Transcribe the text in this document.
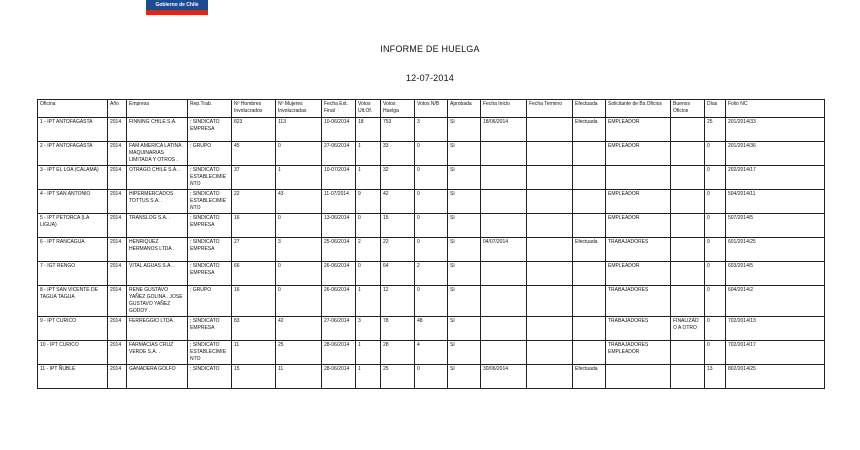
Gobierno de Chile
INFORME DE HUELGA
12-07-2014
Oficina	Año	Empresa	Rep.Trab.	Nº Hombres Involucrados	Nº Mujeres Involucradas	Fecha Ext. Final	Votos Ult.Of.	Votos Huelga	Votos N/B	Aprobada	Fecha Inicio	Fecha Termino	Efectuada	Solicitante de Bs.Oficios	Buenos Oficios	Días	Folio NC
1 - IPT ANTOFAGASTA	2014	FINNING CHILE S.A.	; SINDICATO EMPRESA	823	113	10-06/2014	18	753	3	SI	18/06/2014		Efectuada	EMPLEADOR		25	201/2014/33
2 - IPT ANTOFAGASTA	2014	FAM AMERICA LATINA MAQUINARIAS LIMITADA Y OTROS .	; GRUPO	45	0	27-06/2014	1	33	0	SI				EMPLEADOR		0	201/2014/36
3 - IPT EL LOA (CALAMA)	2014	OTRAGO CHILE S.A. .	; SINDICATO ESTABLECIMIENTO	37	1	10-07/2014	1	32	0	SI						0	202/2014/17
4 - IPT SAN ANTONIO	2014	HIPERMERCADOS TOTTUS S.A. .	; SINDICATO ESTABLECIMIENTO	22	43	11-07/2014	9	42	0	SI				EMPLEADOR		0	504/2014/11
5 - IPT PETORCA (LA LIGUA)	2014	TRANSLOG S.A. .	; SINDICATO EMPRESA	16	0	13-06/2014	0	15	0	SI				EMPLEADOR		0	507/2014/5
6 - IPT RANCAGUA	2014	HENRIQUEZ HERMANOS LTDA .	; SINDICATO EMPRESA	27	3	25-06/2014	2	22	0	SI	04/07/2014		Efectuada	TRABAJADORES		9	601/2014/25
7 - IGT RENGO	2014	VITAL AGUAS S.A. .	; SINDICATO EMPRESA	66	0	26-06/2014	0	64	2	SI				EMPLEADOR		0	603/2014/5
8 - IPT SAN VICENTE DE TAGUA TAGUA	2014	RENE GUSTAVO YAÑEZ GOLINA . JOSE GUSTAVO YAÑEZ GODOY .	; GRUPO	16	0	26-06/2014	1	12	0	SI				TRABAJADORES		0	604/2014/2
9 - IPT CURICO	2014	FERREGGIO LTDA .	; SINDICATO EMPRESA	83	42	27-06/2014	3	78	48	SI				TRABAJADORES	FINALIZADO A OTRO	0	702/2014/13
10 - IPT CURICO	2014	FARMACIAS CRUZ VERDE S.A. .	; SINDICATO ESTABLECIMIENTO	11	25	28-06/2014	1	28	4	SI				TRABAJADORES EMPLEADOR		0	702/2014/17
11 - IPT ÑUBLE	2014	GANADERA GOLFO	; SINDICATO	15	11	28-06/2014	1	25	0	SI	30/06/2014		Efectuada			13	802/2014/25
